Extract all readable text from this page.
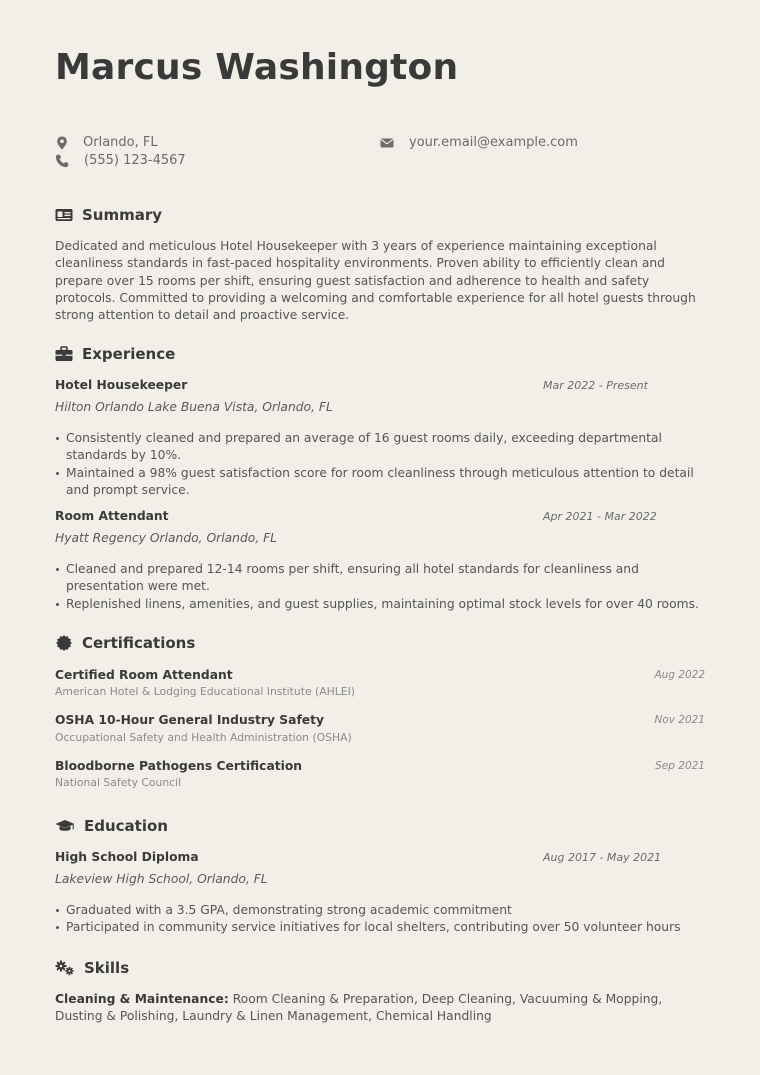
Marcus Washington
Orlando, FL
(555) 123-4567
your.email@example.com
Summary

Dedicated and meticulous Hotel Housekeeper with 3 years of experience maintaining exceptional cleanliness standards in fast-paced hospitality environments. Proven ability to efficiently clean and prepare over 15 rooms per shift, ensuring guest satisfaction and adherence to health and safety protocols. Committed to providing a welcoming and comfortable experience for all hotel guests through strong attention to detail and proactive service.

Experience
Hotel Housekeeper	Mar 2022 - Present
Hilton Orlando Lake Buena Vista, Orlando, FL
Consistently cleaned and prepared an average of 16 guest rooms daily, exceeding departmental standards by 10%.
Maintained a 98% guest satisfaction score for room cleanliness through meticulous attention to detail and prompt service.
Room Attendant	Apr 2021 - Mar 2022
Hyatt Regency Orlando, Orlando, FL
Cleaned and prepared 12-14 rooms per shift, ensuring all hotel standards for cleanliness and presentation were met.
Replenished linens, amenities, and guest supplies, maintaining optimal stock levels for over 40 rooms.
Certifications
Certified Room Attendant	Aug 2022
American Hotel & Lodging Educational Institute (AHLEI)
OSHA 10-Hour General Industry Safety	Nov 2021
Occupational Safety and Health Administration (OSHA)
Bloodborne Pathogens Certification	Sep 2021
National Safety Council
Education
High School Diploma	Aug 2017 - May 2021
Lakeview High School, Orlando, FL
Graduated with a 3.5 GPA, demonstrating strong academic commitment
Participated in community service initiatives for local shelters, contributing over 50 volunteer hours
Skills

Cleaning & Maintenance: Room Cleaning & Preparation, Deep Cleaning, Vacuuming & Mopping, Dusting & Polishing, Laundry & Linen Management, Chemical Handling
